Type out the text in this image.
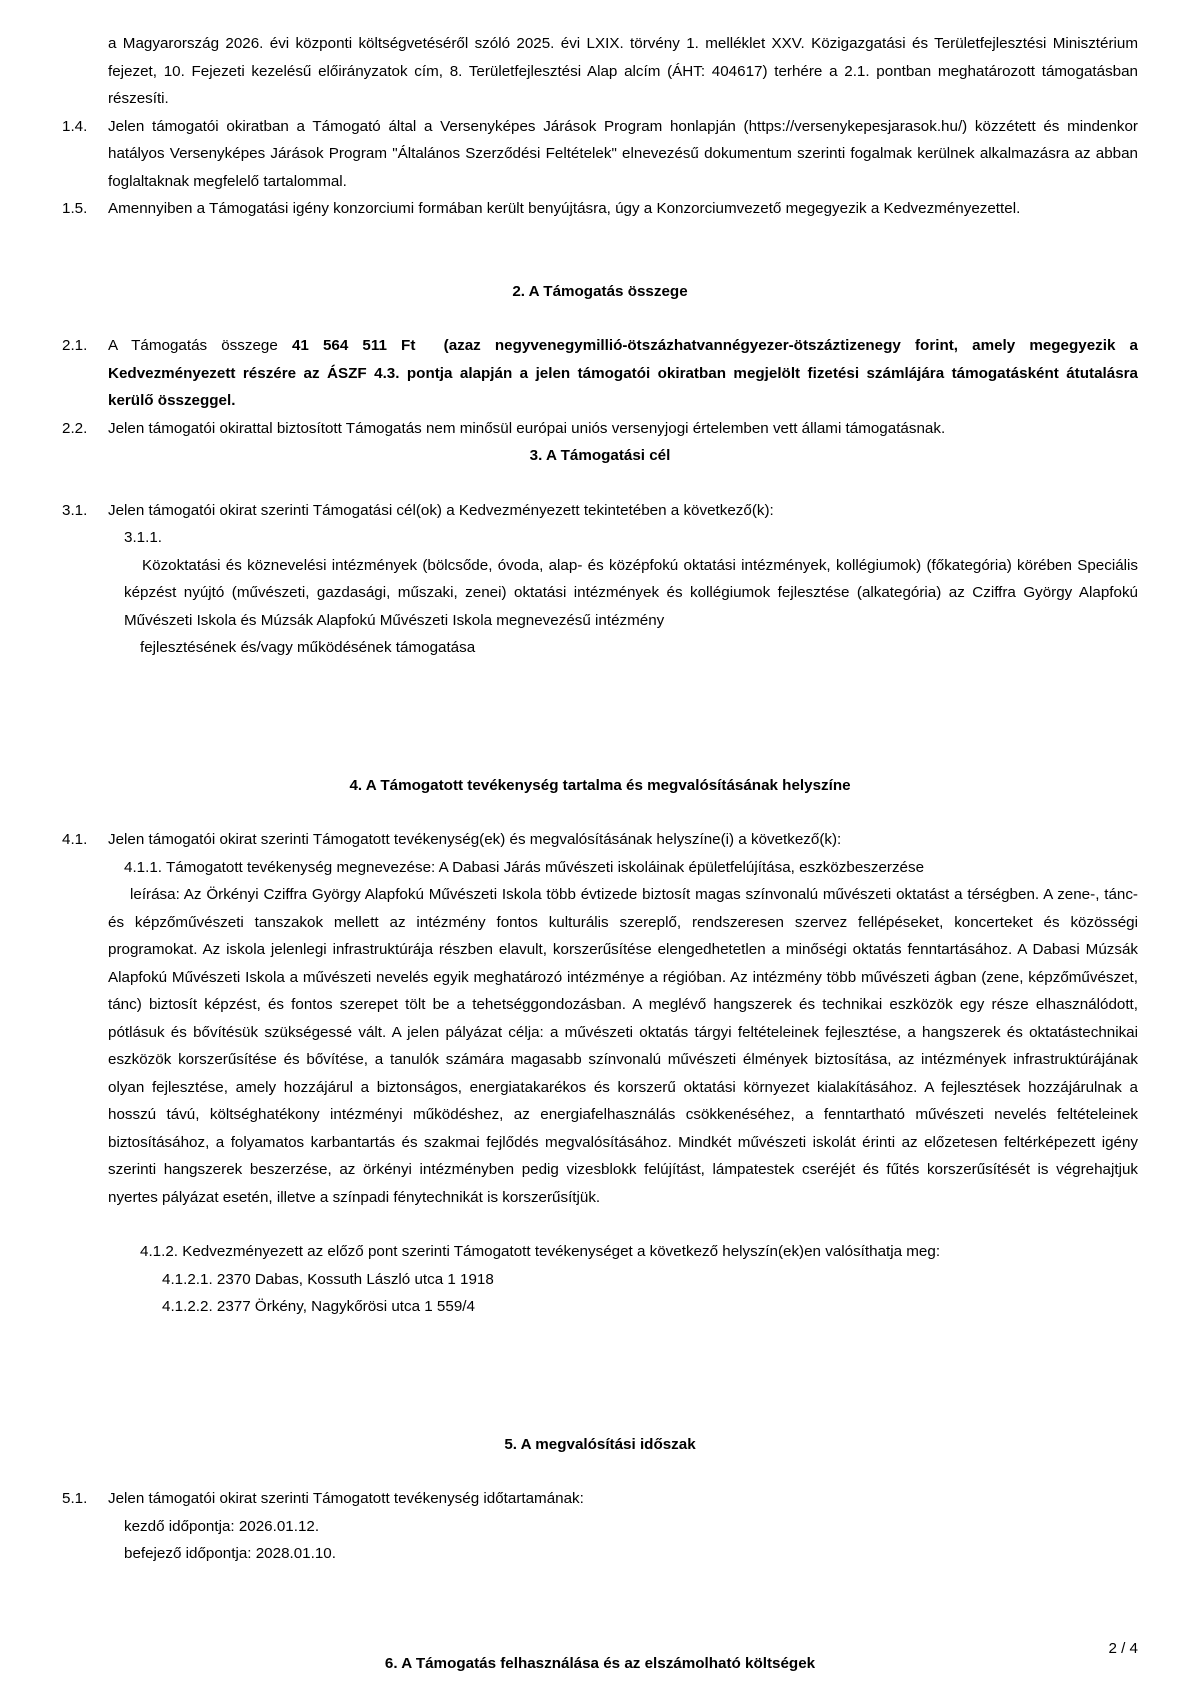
a Magyarország 2026. évi központi költségvetéséről szóló 2025. évi LXIX. törvény 1. melléklet XXV. Közigazgatási és Területfejlesztési Minisztérium fejezet, 10. Fejezeti kezelésű előirányzatok cím, 8. Területfejlesztési Alap alcím (ÁHT: 404617) terhére a 2.1. pontban meghatározott támogatásban részesíti.

1.4.	Jelen támogatói okiratban a Támogató által a Versenyképes Járások Program honlapján (https://versenykepesjarasok.hu/) közzétett és mindenkor hatályos Versenyképes Járások Program "Általános Szerződési Feltételek" elnevezésű dokumentum szerinti fogalmak kerülnek alkalmazásra az abban foglaltaknak megfelelő tartalommal.
1.5.	Amennyiben a Támogatási igény konzorciumi formában került benyújtásra, úgy a Konzorciumvezető megegyezik a Kedvezményezettel.

2. A Támogatás összege

2.1.	A Támogatás összege 41 564 511 Ft (azaz negyvenegymillió-ötszázhatvannégyezer-ötszáztizenegy forint, amely megegyezik a Kedvezményezett részére az ÁSZF 4.3. pontja alapján a jelen támogatói okiratban megjelölt fizetési számlájára támogatásként átutalásra kerülő összeggel.
2.2.	Jelen támogatói okirattal biztosított Támogatás nem minősül európai uniós versenyjogi értelemben vett állami támogatásnak.

3. A Támogatási cél

3.1.	Jelen támogatói okirat szerinti Támogatási cél(ok) a Kedvezményezett tekintetében a következő(k):

3.1.1.

Közoktatási és köznevelési intézmények (bölcsőde, óvoda, alap- és középfokú oktatási intézmények, kollégiumok) (főkategória) körében Speciális képzést nyújtó (művészeti, gazdasági, műszaki, zenei) oktatási intézmények és kollégiumok fejlesztése (alkategória) az Cziffra György Alapfokú Művészeti Iskola és Múzsák Alapfokú Művészeti Iskola megnevezésű intézmény

fejlesztésének és/vagy működésének támogatása

4. A Támogatott tevékenység tartalma és megvalósításának helyszíne

4.1.	Jelen támogatói okirat szerinti Támogatott tevékenység(ek) és megvalósításának helyszíne(i) a következő(k):

4.1.1. Támogatott tevékenység megnevezése: A Dabasi Járás művészeti iskoláinak épületfelújítása, eszközbeszerzése

leírása: Az Örkényi Cziffra György Alapfokú Művészeti Iskola több évtizede biztosít magas színvonalú művészeti oktatást a térségben. A zene-, tánc- és képzőművészeti tanszakok mellett az intézmény fontos kulturális szereplő, rendszeresen szervez fellépéseket, koncerteket és közösségi programokat. Az iskola jelenlegi infrastruktúrája részben elavult, korszerűsítése elengedhetetlen a minőségi oktatás fenntartásához. A Dabasi Múzsák Alapfokú Művészeti Iskola a művészeti nevelés egyik meghatározó intézménye a régióban. Az intézmény több művészeti ágban (zene, képzőművészet, tánc) biztosít képzést, és fontos szerepet tölt be a tehetséggondozásban. A meglévő hangszerek és technikai eszközök egy része elhasználódott, pótlásuk és bővítésük szükségessé vált. A jelen pályázat célja: a művészeti oktatás tárgyi feltételeinek fejlesztése, a hangszerek és oktatástechnikai eszközök korszerűsítése és bővítése, a tanulók számára magasabb színvonalú művészeti élmények biztosítása, az intézmények infrastruktúrájának olyan fejlesztése, amely hozzájárul a biztonságos, energiatakarékos és korszerű oktatási környezet kialakításához. A fejlesztések hozzájárulnak a hosszú távú, költséghatékony intézményi működéshez, az energiafelhasználás csökkenéséhez, a fenntartható művészeti nevelés feltételeinek biztosításához, a folyamatos karbantartás és szakmai fejlődés megvalósításához. Mindkét művészeti iskolát érinti az előzetesen feltérképezett igény szerinti hangszerek beszerzése, az örkényi intézményben pedig vizesblokk felújítást, lámpatestek cseréjét és fűtés korszerűsítését is végrehajtjuk nyertes pályázat esetén, illetve a színpadi fénytechnikát is korszerűsítjük.

4.1.2. Kedvezményezett az előző pont szerinti Támogatott tevékenységet a következő helyszín(ek)en valósíthatja meg:

4.1.2.1. 2370 Dabas, Kossuth László utca 1 1918

4.1.2.2. 2377 Örkény, Nagykőrösi utca 1 559/4

5. A megvalósítási időszak

5.1.	Jelen támogatói okirat szerinti Támogatott tevékenység időtartamának:

kezdő időpontja: 2026.01.12.

befejező időpontja: 2028.01.10.

6. A Támogatás felhasználása és az elszámolható költségek

2 / 4
